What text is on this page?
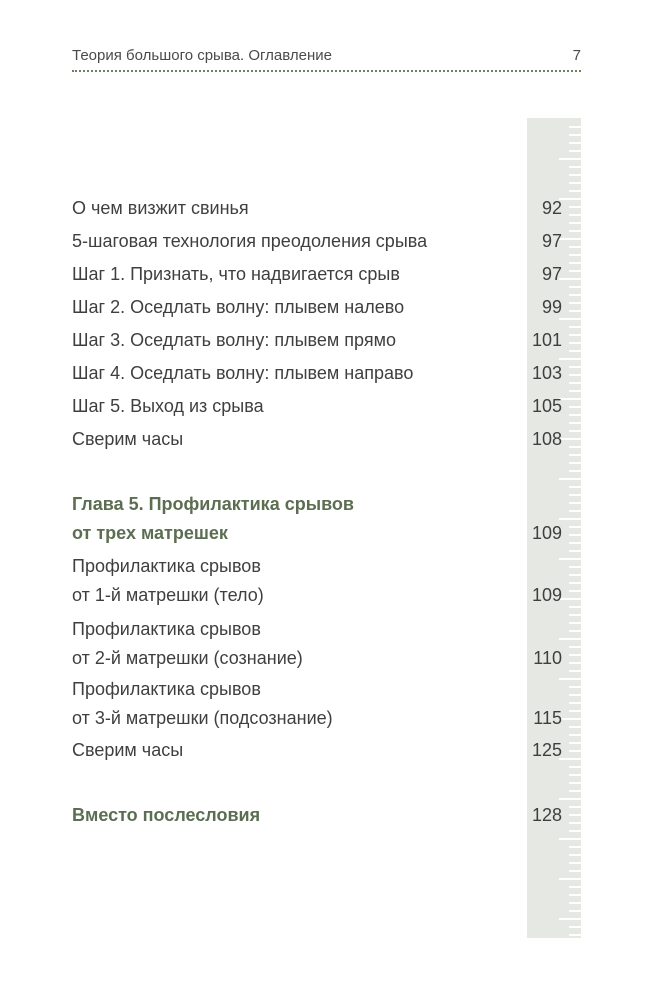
Теория большого срыва. Оглавление	7
О чем визжит свинья	92
5-шаговая технология преодоления срыва	97
Шаг 1. Признать, что надвигается срыв	97
Шаг 2. Оседлать волну: плывем налево	99
Шаг 3. Оседлать волну: плывем прямо	101
Шаг 4. Оседлать волну: плывем направо	103
Шаг 5. Выход из срыва	105
Сверим часы	108
Глава 5. Профилактика срывов
от трех матрешек	109
Профилактика срывов
от 1-й матрешки (тело)	109
Профилактика срывов
от 2-й матрешки (сознание)	110
Профилактика срывов
от 3-й матрешки (подсознание)	115
Сверим часы	125
Вместо послесловия	128
